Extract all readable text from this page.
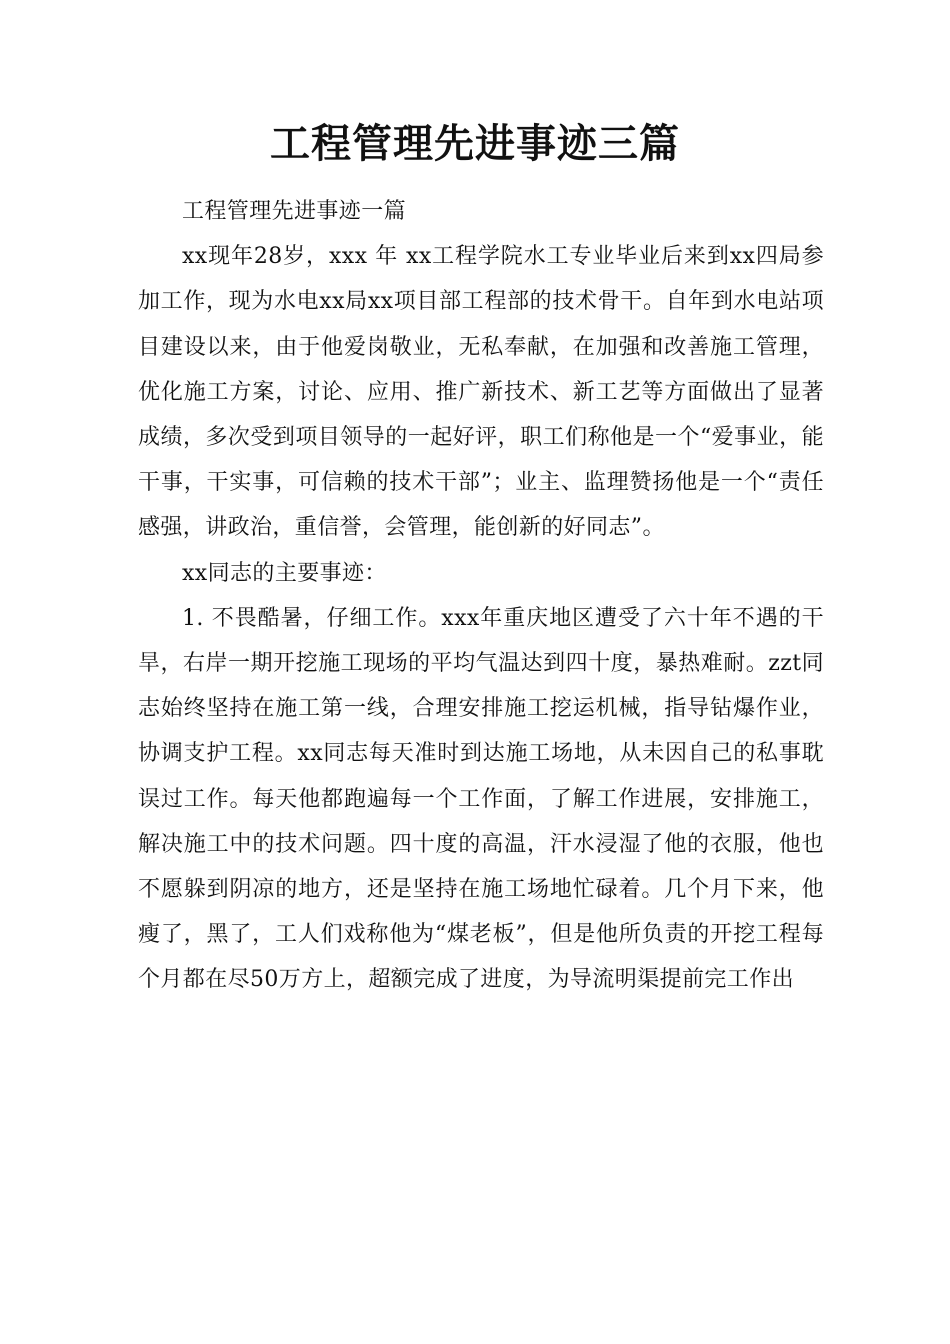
工程管理先进事迹三篇

工程管理先进事迹一篇

xx现年28岁，xxx 年 xx工程学院水工专业毕业后来到xx四局参加工作，现为水电xx局xx项目部工程部的技术骨干。自年到水电站项目建设以来，由于他爱岗敬业，无私奉献，在加强和改善施工管理，优化施工方案，讨论、应用、推广新技术、新工艺等方面做出了显著成绩，多次受到项目领导的一起好评，职工们称他是一个“爱事业，能干事，干实事，可信赖的技术干部”；业主、监理赞扬他是一个“责任感强，讲政治，重信誉，会管理，能创新的好同志”。

xx同志的主要事迹：

1. 不畏酷暑，仔细工作。xxx年重庆地区遭受了六十年不遇的干旱，右岸一期开挖施工现场的平均气温达到四十度，暴热难耐。zzt同志始终坚持在施工第一线，合理安排施工挖运机械，指导钻爆作业，协调支护工程。xx同志每天准时到达施工场地，从未因自己的私事耽误过工作。每天他都跑遍每一个工作面，了解工作进展，安排施工，解决施工中的技术问题。四十度的高温，汗水浸湿了他的衣服，他也不愿躲到阴凉的地方，还是坚持在施工场地忙碌着。几个月下来，他瘦了，黑了，工人们戏称他为“煤老板”，但是他所负责的开挖工程每个月都在尽50万方上，超额完成了进度，为导流明渠提前完工作出
